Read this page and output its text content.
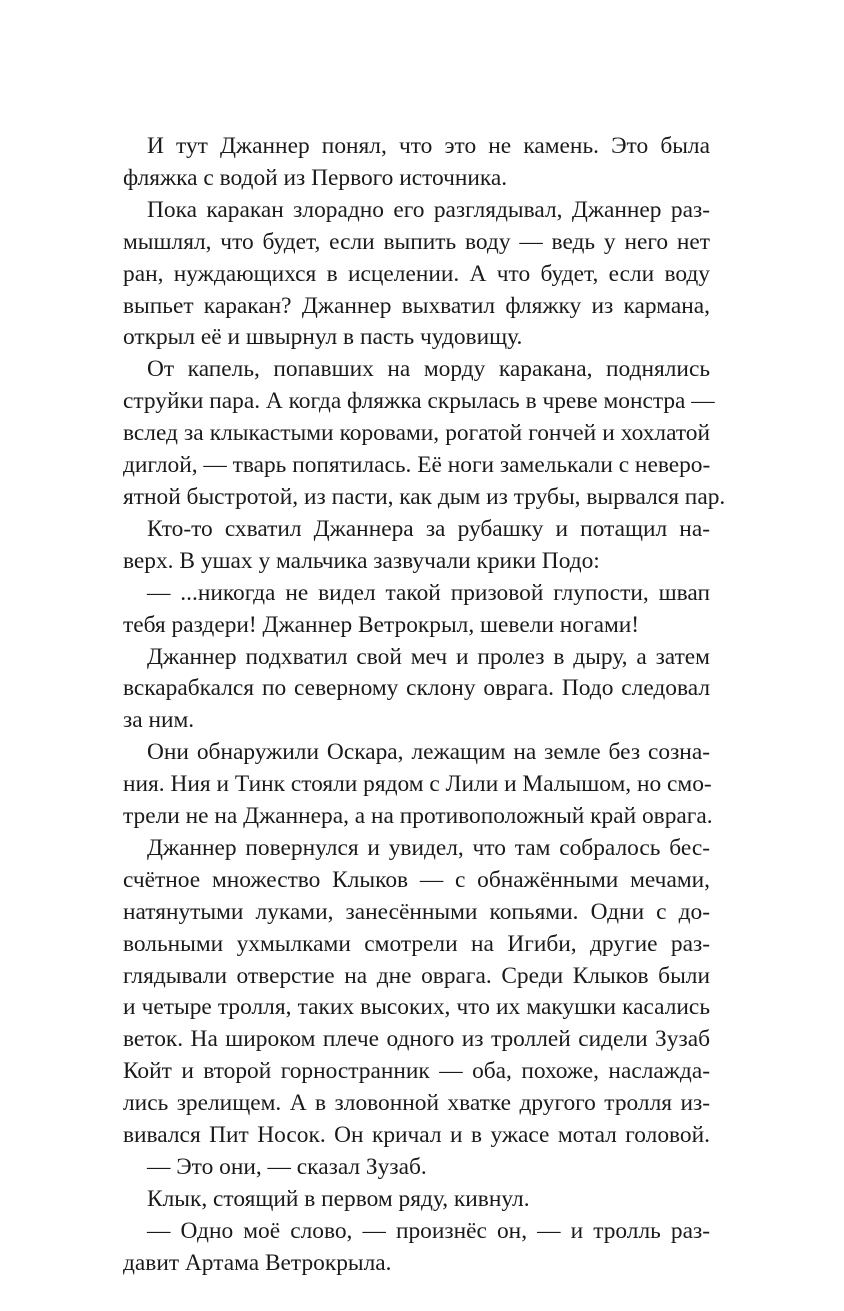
И тут Джаннер понял, что это не камень. Это была
фляжка с водой из Первого источника.
Пока каракан злорадно его разглядывал, Джаннер раз-
мышлял, что будет, если выпить воду — ведь у него нет
ран, нуждающихся в исцелении. А что будет, если воду
выпьет каракан? Джаннер выхватил фляжку из кармана,
открыл её и швырнул в пасть чудовищу.
От капель, попавших на морду каракана, поднялись
струйки пара. А когда фляжка скрылась в чреве монстра —
вслед за клыкастыми коровами, рогатой гончей и хохлатой
диглой, — тварь попятилась. Её ноги замелькали с неверо-
ятной быстротой, из пасти, как дым из трубы, вырвался пар.
Кто-то схватил Джаннера за рубашку и потащил на-
верх. В ушах у мальчика зазвучали крики Подо:
— ...никогда не видел такой призовой глупости, швап
тебя раздери! Джаннер Ветрокрыл, шевели ногами!
Джаннер подхватил свой меч и пролез в дыру, а затем
вскарабкался по северному склону оврага. Подо следовал
за ним.
Они обнаружили Оскара, лежащим на земле без созна-
ния. Ния и Тинк стояли рядом с Лили и Малышом, но смо-
трели не на Джаннера, а на противоположный край оврага.
Джаннер повернулся и увидел, что там собралось бес-
счётное множество Клыков — с обнажёнными мечами,
натянутыми луками, занесёнными копьями. Одни с до-
вольными ухмылками смотрели на Игиби, другие раз-
глядывали отверстие на дне оврага. Среди Клыков были
и четыре тролля, таких высоких, что их макушки касались
веток. На широком плече одного из троллей сидели Зузаб
Койт и второй горностранник — оба, похоже, наслажда-
лись зрелищем. А в зловонной хватке другого тролля из-
вивался Пит Носок. Он кричал и в ужасе мотал головой.
— Это они, — сказал Зузаб.
Клык, стоящий в первом ряду, кивнул.
— Одно моё слово, — произнёс он, — и тролль раз-
давит Артама Ветрокрыла.
